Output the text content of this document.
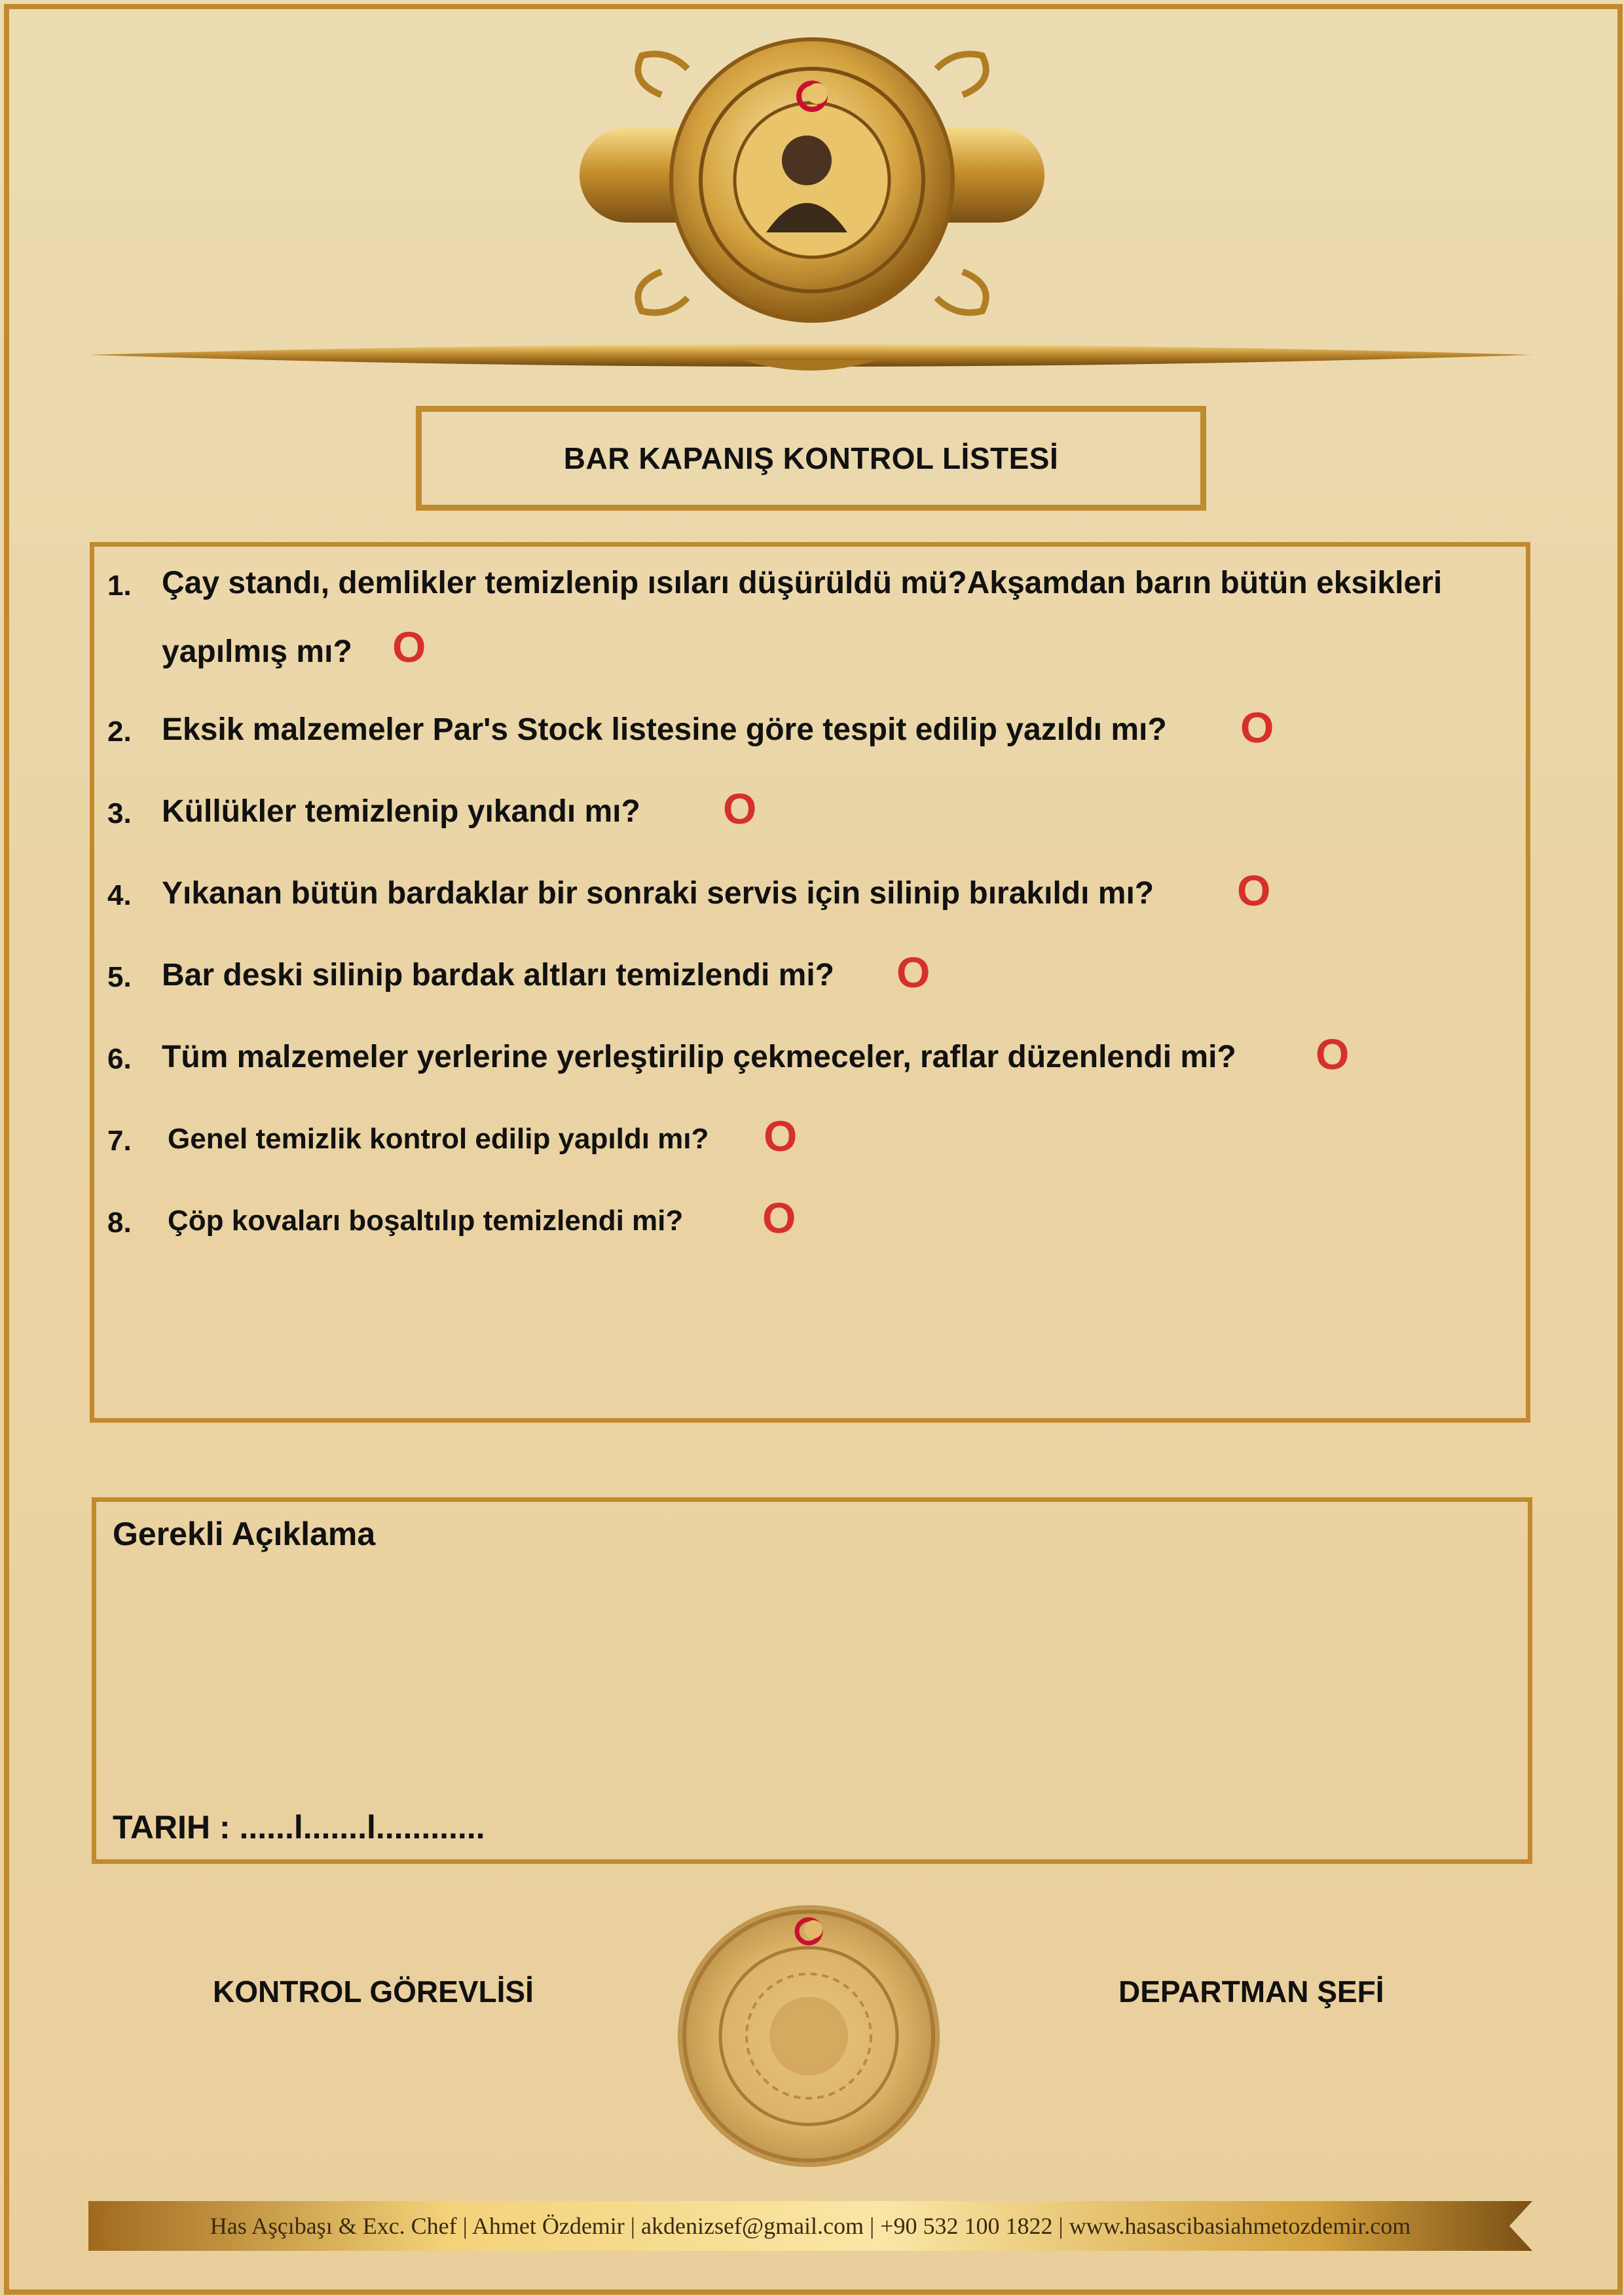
BAR KAPANIŞ KONTROL LİSTESİ
1. Çay standı, demlikler temizlenip ısıları düşürüldü mü?Akşamdan barın bütün eksikleri
yapılmış mı? O
2. Eksik malzemeler Par's Stock listesine göre tespit edilip yazıldı mı? O
3. Küllükler temizlenip yıkandı mı? O
4. Yıkanan bütün bardaklar bir sonraki servis için silinip bırakıldı mı? O
5. Bar deski silinip bardak altları temizlendi mi? O
6. Tüm malzemeler yerlerine yerleştirilip çekmeceler, raflar düzenlendi mi? O
7. Genel temizlik kontrol edilip yapıldı mı? O
8. Çöp kovaları boşaltılıp temizlendi mi? O
Gerekli Açıklama
TARIH : ......l.......l............
KONTROL GÖREVLİSİ	DEPARTMAN ŞEFİ
Has Aşçıbaşı & Exc. Chef | Ahmet Özdemir | akdenizsef@gmail.com | +90 532 100 1822 | www.hasascibasiahmetozdemir.com
